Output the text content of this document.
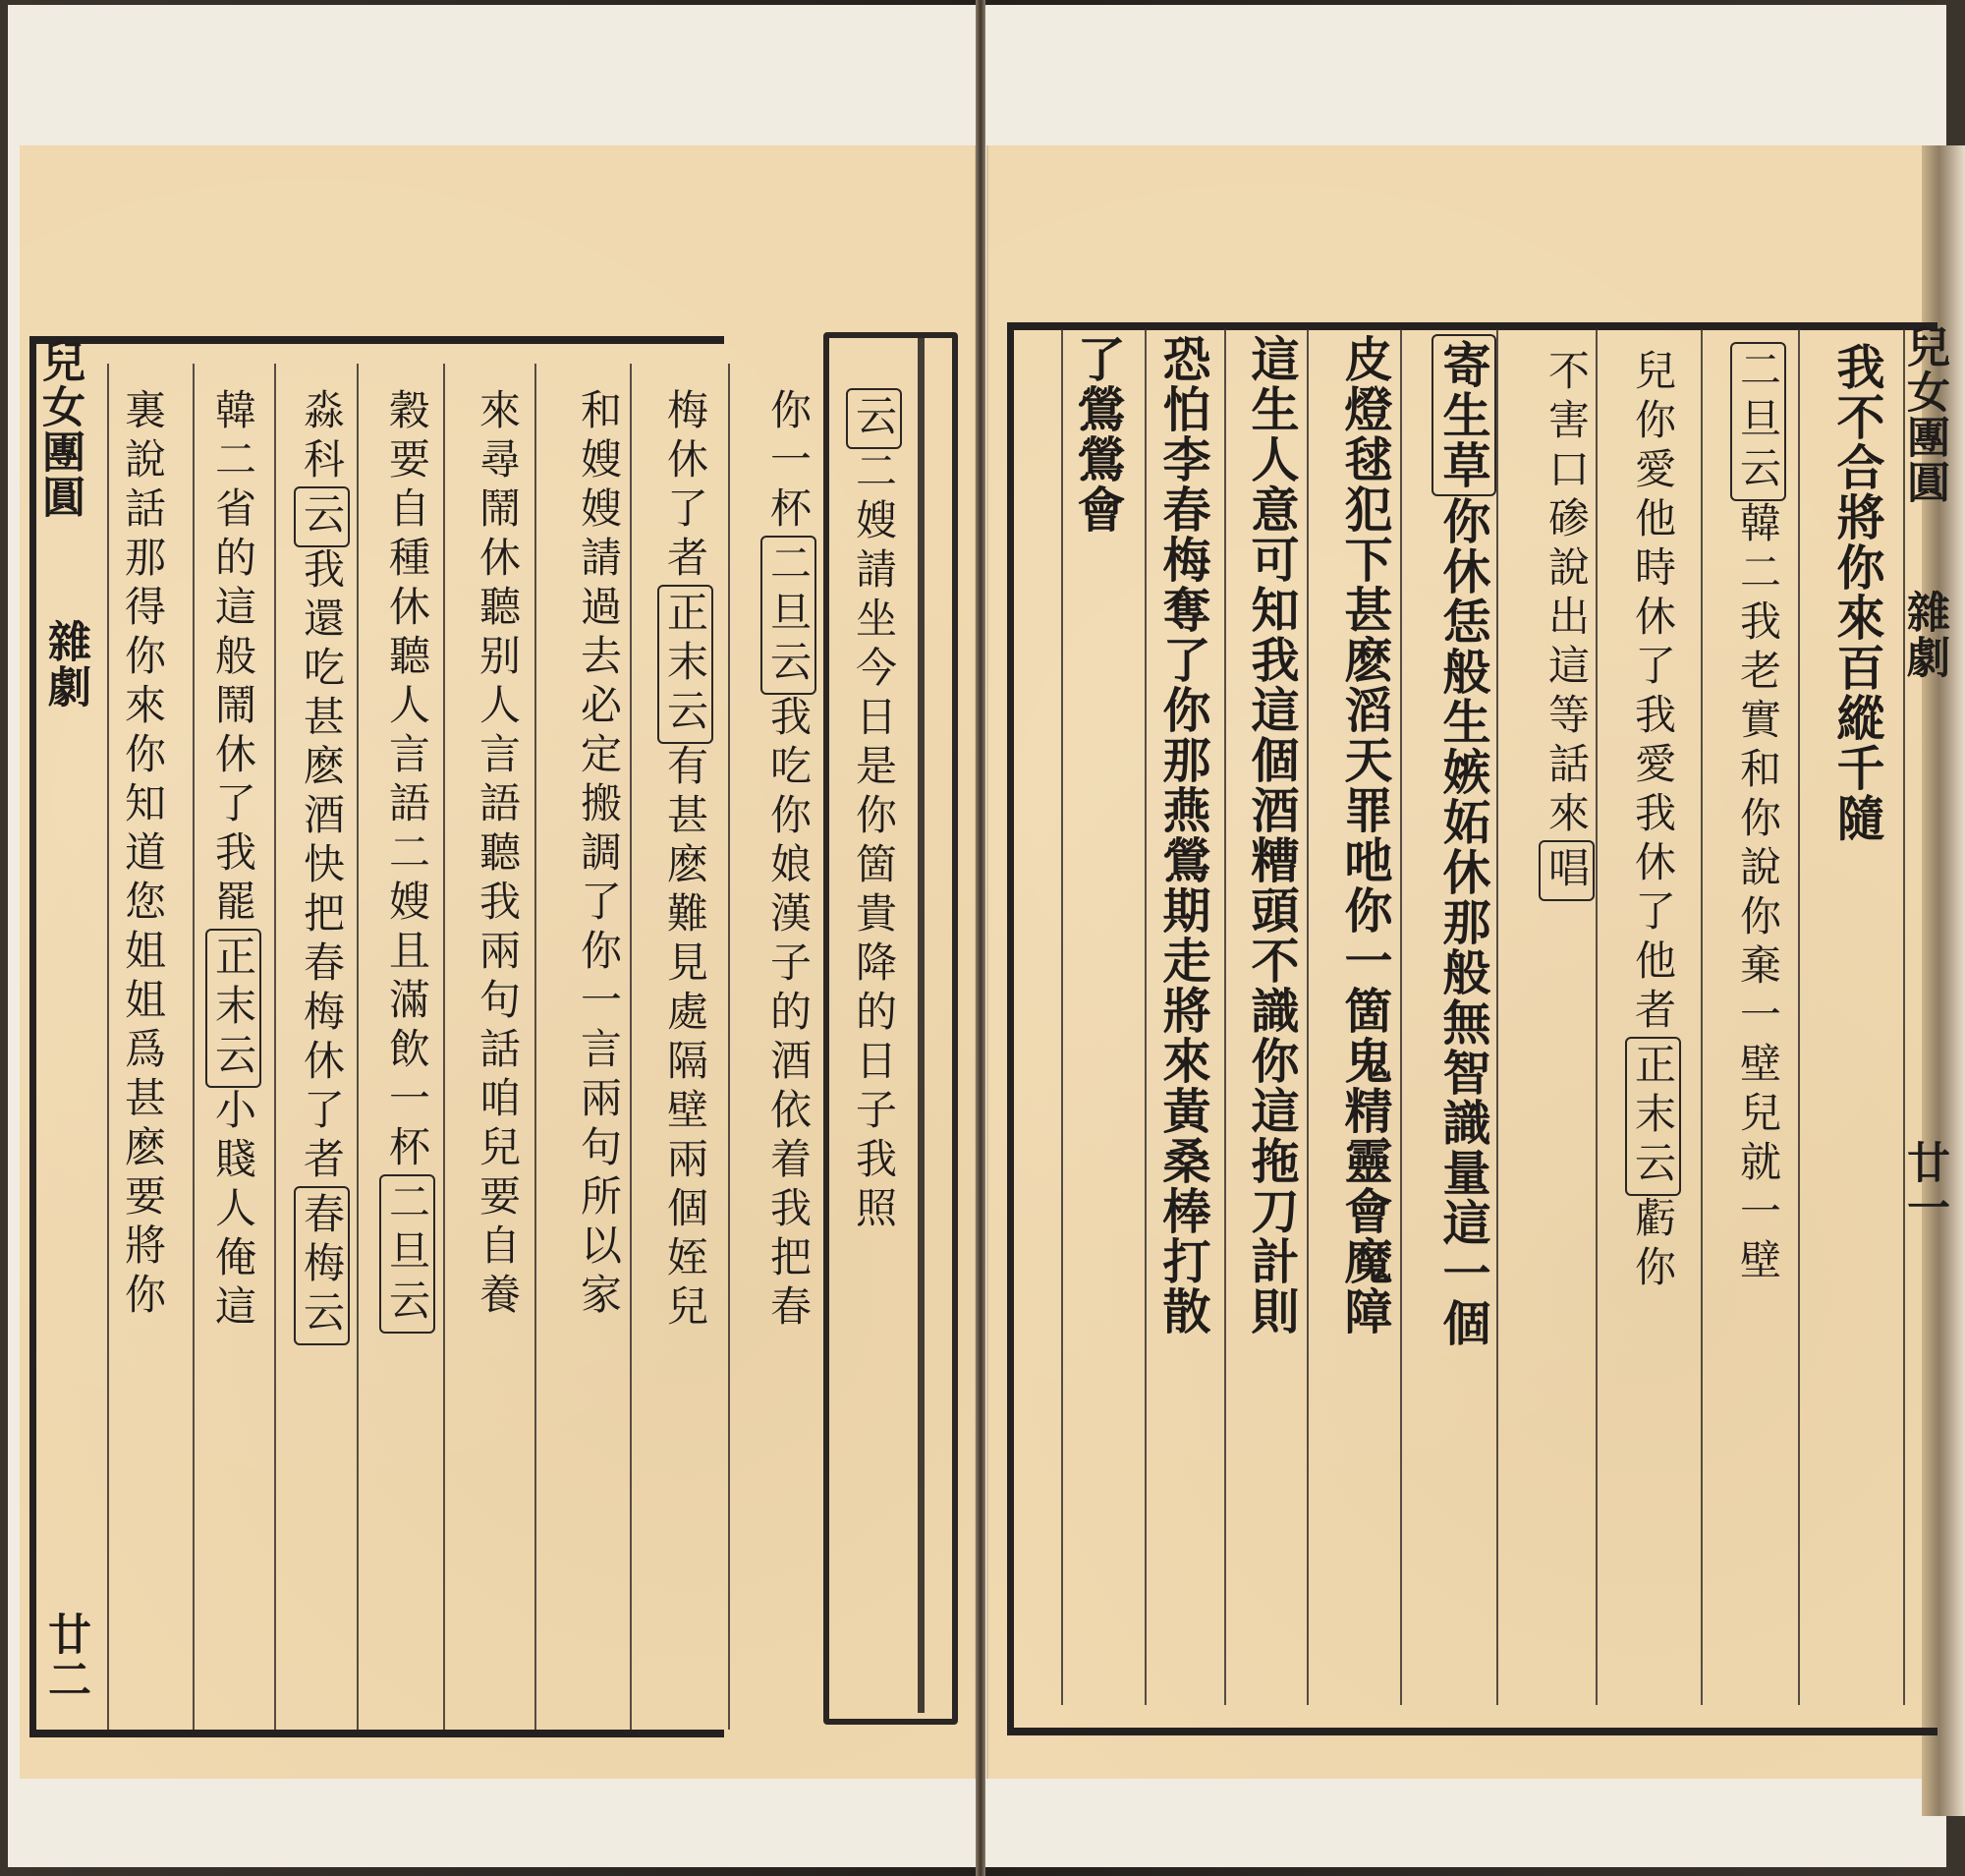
兒女團圓
雜劇
廿二
兒女團圓
雜劇
廿一
云二嫂請坐今日是你箇貴降的日子我照
你一杯二旦云我吃你娘漢子的酒依着我把春
梅休了者正末云有甚麽難見處隔壁兩個姪兒
和嫂嫂請過去必定搬調了你一言兩句所以家
來尋鬧休聽别人言語聽我兩句話咱兒要自養
穀要自種休聽人言語二嫂且滿飲一杯二旦云
淼科云我還吃甚麽酒快把春梅休了者春梅云
韓二省的這般鬧休了我罷正末云小賤人俺這
裏說話那得你來你知道您姐姐爲甚麽要將你	我不合將你來百縱千隨
二旦云韓二我老實和你說你棄一壁兒就一壁
兒你愛他時休了我愛我休了他者正末云虧你
不害口碜說出這等話來唱
寄生草你休恁般生嫉妬休那般無智識量這一個
皮燈毬犯下甚麽滔天罪吔你一箇鬼精靈會魔障
這生人意可知我這個酒糟頭不識你這拖刀計則
恐怕李春梅奪了你那燕鶯期走將來黃桑棒打散
了鶯鶯會
